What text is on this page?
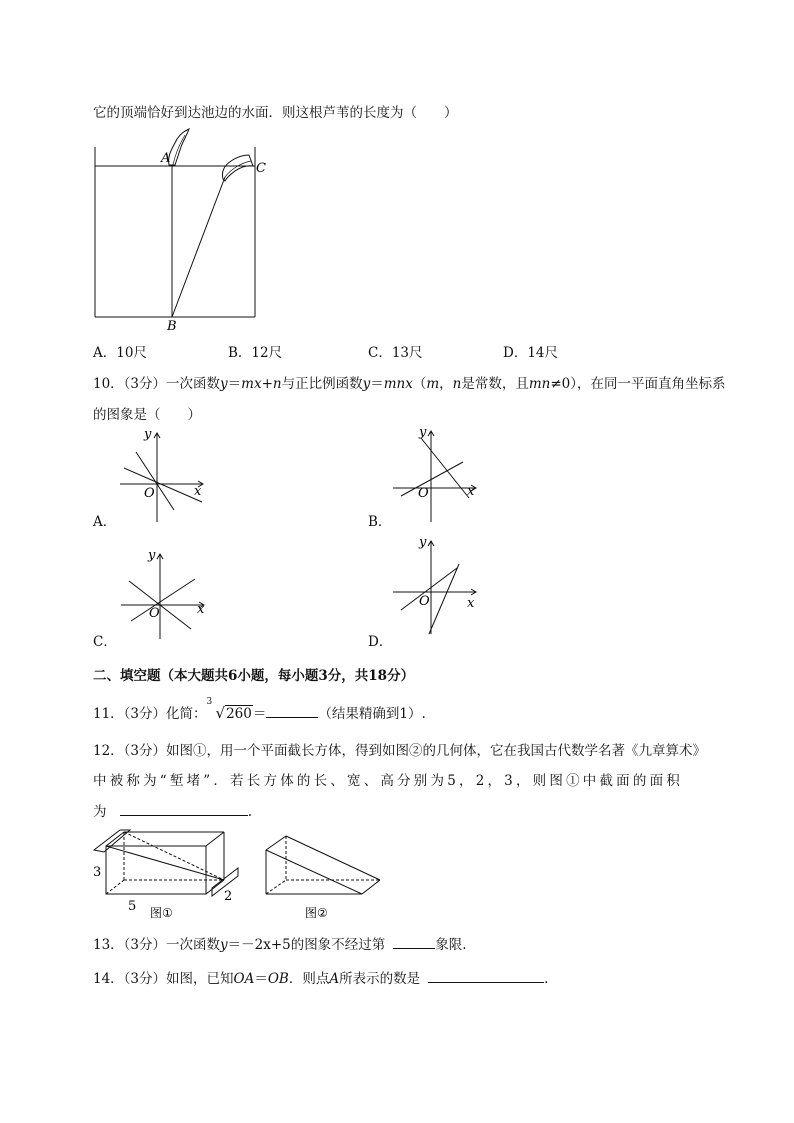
它的顶端恰好到达池边的水面．则这根芦苇的长度为（　　）
A
C
B
A．10尺	B．12尺	C．13尺	D．14尺
10．（3分）一次函数y＝mx+n与正比例函数y＝mnx（m，n是常数，且mn≠0），在同一平面直角坐标系
的图象是（　　）
y
x
O
A．
y
x
O
B．
y
x
O
C．
y
x
O
D．
二、填空题（本大题共6小题，每小题3分，共18分）
11．（3分）化简：
3
√260＝	（结果精确到1）.
12．（3分）如图①，用一个平面截长方体，得到如图②的几何体，它在我国古代数学名著《九章算术》
中被称为“堑堵”．若长方体的长、宽、高分别为5，2，3，则图①中截面的面积
为	.
3
5
2
图①	图②
13．（3分）一次函数y＝－2x+5的图象不经过第	象限.
14．（3分）如图，已知OA＝OB．则点A所表示的数是	.
